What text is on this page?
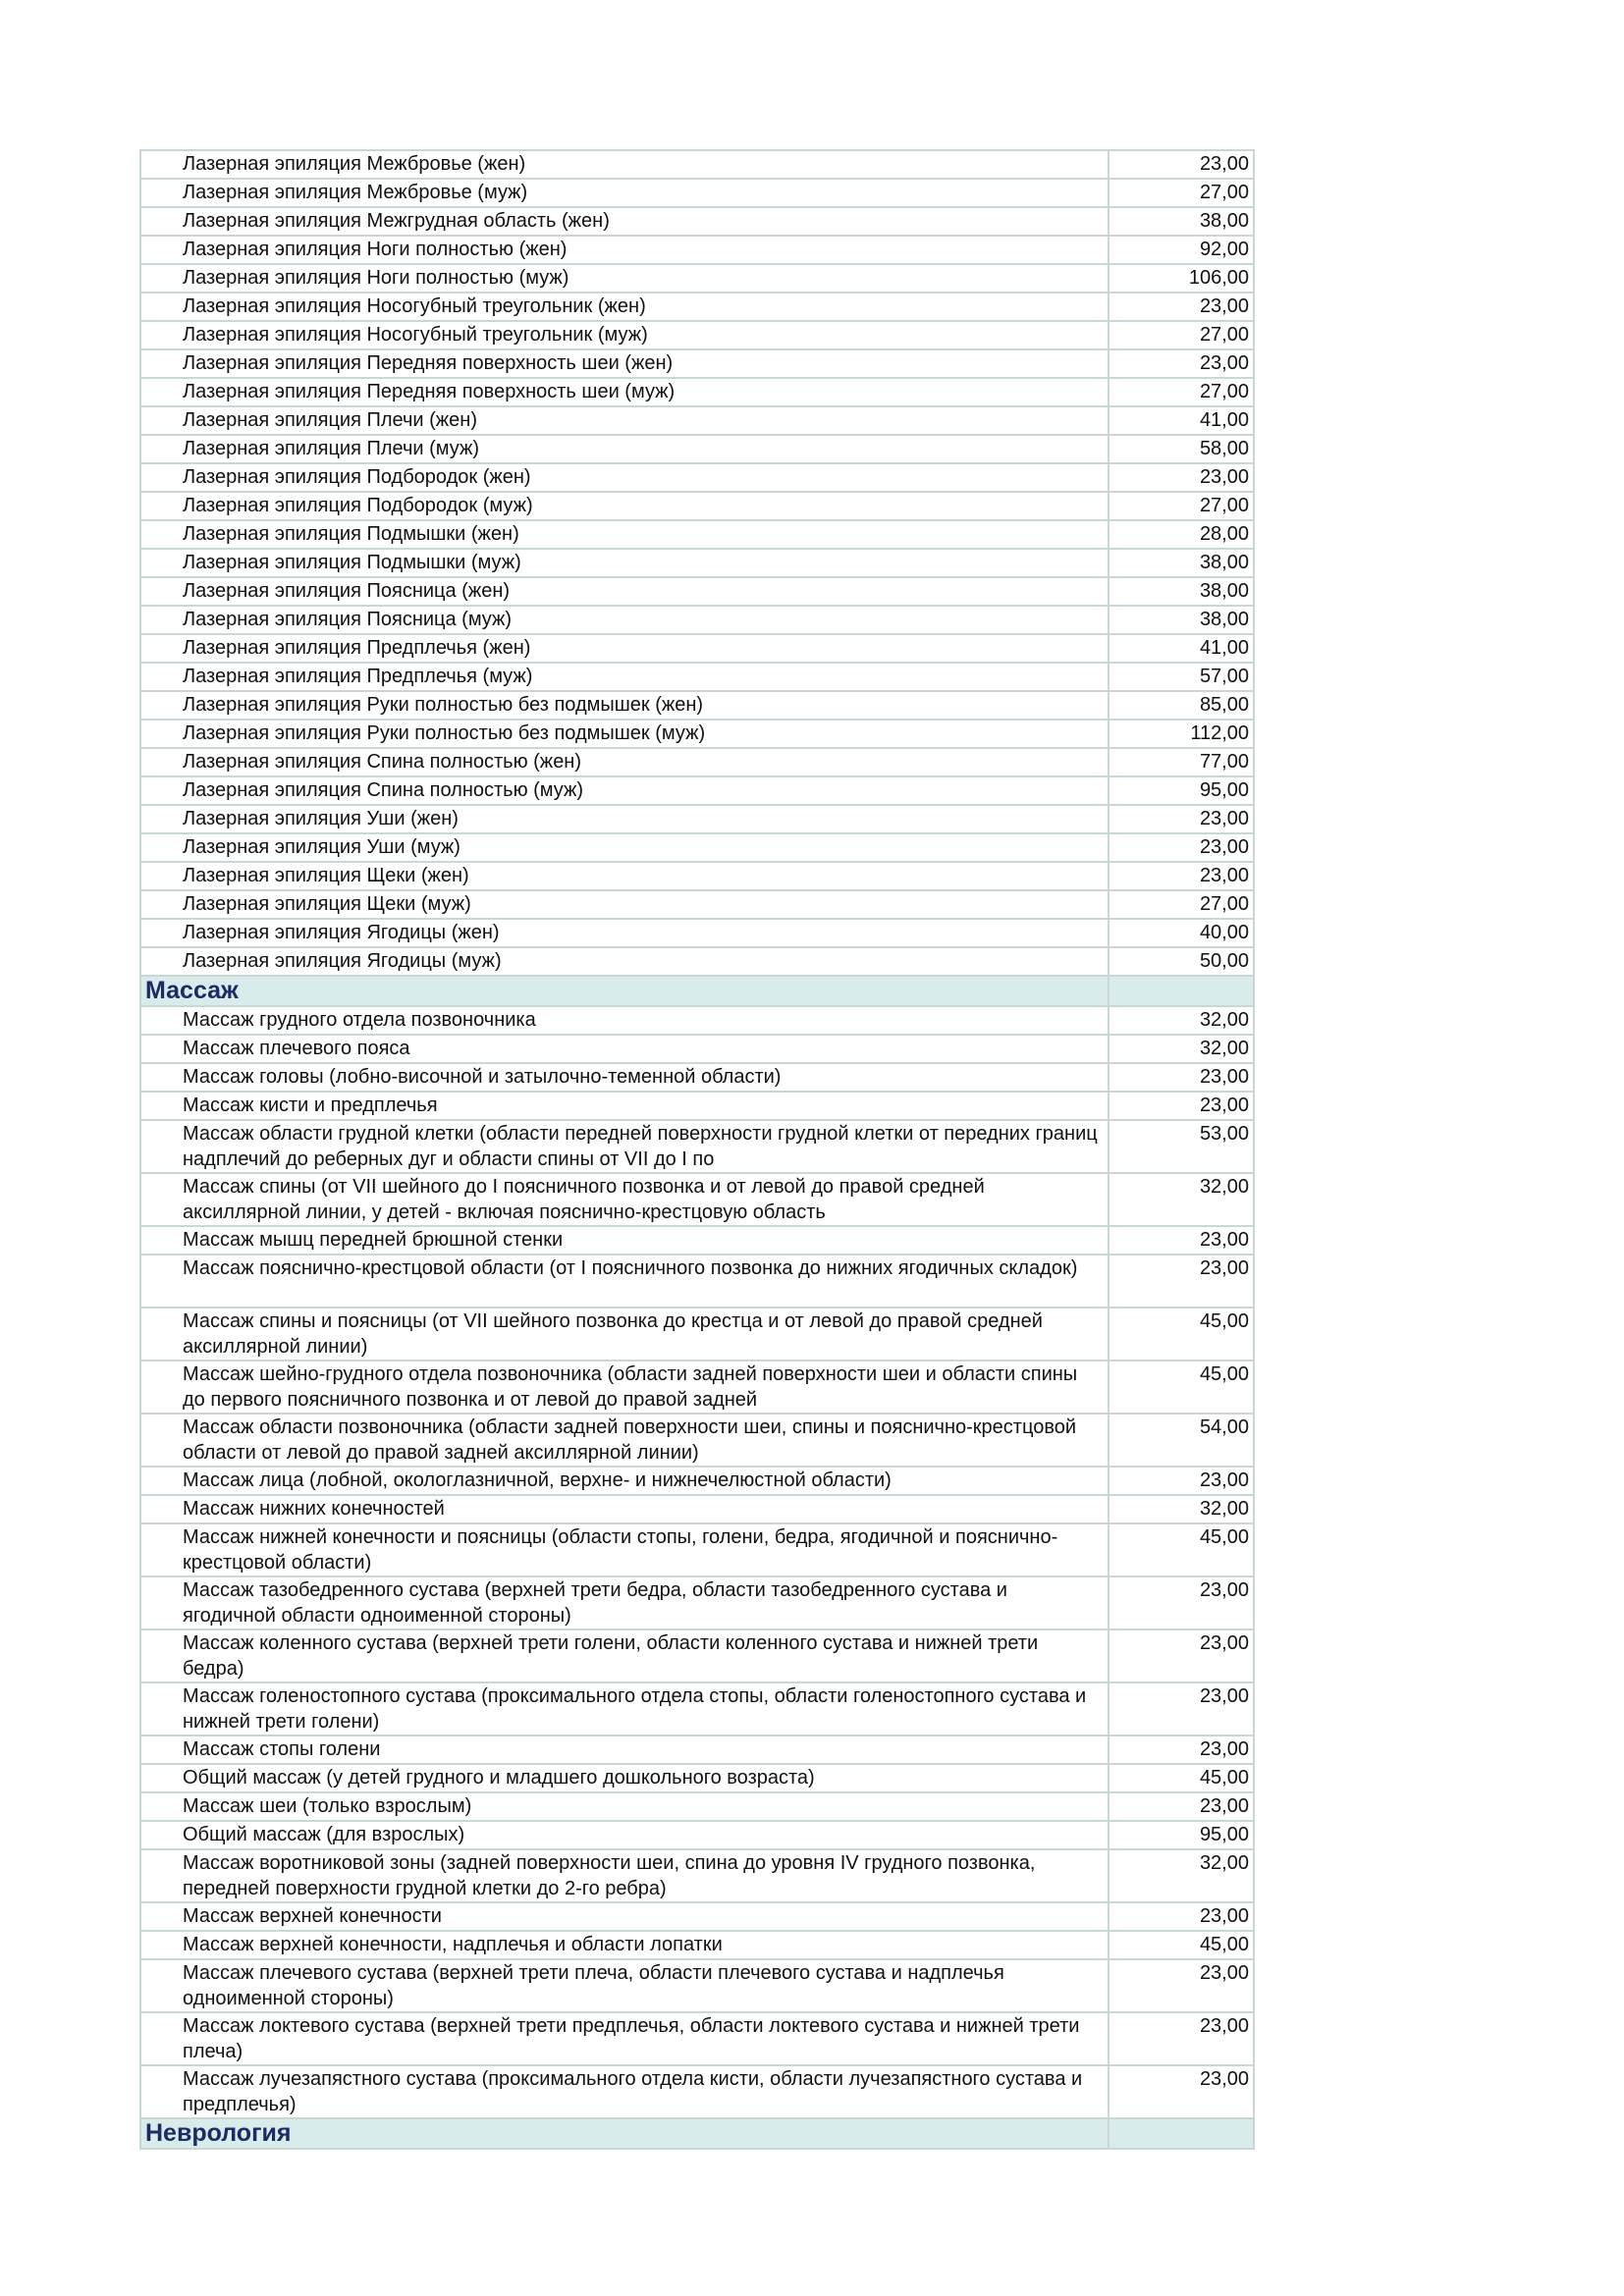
Лазерная эпиляция Межбровье (жен)	23,00
Лазерная эпиляция Межбровье (муж)	27,00
Лазерная эпиляция Межгрудная область (жен)	38,00
Лазерная эпиляция Ноги полностью (жен)	92,00
Лазерная эпиляция Ноги полностью (муж)	106,00
Лазерная эпиляция Носогубный треугольник (жен)	23,00
Лазерная эпиляция Носогубный треугольник (муж)	27,00
Лазерная эпиляция Передняя поверхность шеи (жен)	23,00
Лазерная эпиляция Передняя поверхность шеи (муж)	27,00
Лазерная эпиляция Плечи (жен)	41,00
Лазерная эпиляция Плечи (муж)	58,00
Лазерная эпиляция Подбородок (жен)	23,00
Лазерная эпиляция Подбородок (муж)	27,00
Лазерная эпиляция Подмышки (жен)	28,00
Лазерная эпиляция Подмышки (муж)	38,00
Лазерная эпиляция Поясница (жен)	38,00
Лазерная эпиляция Поясница (муж)	38,00
Лазерная эпиляция Предплечья (жен)	41,00
Лазерная эпиляция Предплечья (муж)	57,00
Лазерная эпиляция Руки полностью без подмышек (жен)	85,00
Лазерная эпиляция Руки полностью без подмышек (муж)	112,00
Лазерная эпиляция Спина полностью (жен)	77,00
Лазерная эпиляция Спина полностью (муж)	95,00
Лазерная эпиляция Уши (жен)	23,00
Лазерная эпиляция Уши (муж)	23,00
Лазерная эпиляция Щеки (жен)	23,00
Лазерная эпиляция Щеки (муж)	27,00
Лазерная эпиляция Ягодицы (жен)	40,00
Лазерная эпиляция Ягодицы (муж)	50,00
Массаж	
Массаж грудного отдела позвоночника	32,00
Массаж плечевого пояса	32,00
Массаж головы (лобно-височной и затылочно-теменной области)	23,00
Массаж кисти и предплечья	23,00

Массаж области грудной клетки (области передней поверхности грудной клетки от передних границ надплечий до реберных дуг и области спины от VII до I по	53,00

Массаж спины (от VII шейного до I поясничного позвонка и от левой до правой средней аксиллярной линии, у детей - включая пояснично-крестцовую область	32,00
Массаж мышц передней брюшной стенки	23,00

Массаж пояснично-крестцовой области (от I поясничного позвонка до нижних ягодичных складок)	23,00

Массаж спины и поясницы (от VII шейного позвонка до крестца и от левой до правой средней аксиллярной линии)	45,00

Массаж шейно-грудного отдела позвоночника (области задней поверхности шеи и области спины до первого поясничного позвонка и от левой до правой задней	45,00

Массаж области позвоночника (области задней поверхности шеи, спины и пояснично-крестцовой области от левой до правой задней аксиллярной линии)	54,00
Массаж лица (лобной, окологлазничной, верхне- и нижнечелюстной области)	23,00
Массаж нижних конечностей	32,00

Массаж нижней конечности и поясницы (области стопы, голени, бедра, ягодичной и пояснично-крестцовой области)	45,00

Массаж тазобедренного сустава (верхней трети бедра, области тазобедренного сустава и ягодичной области одноименной стороны)	23,00

Массаж коленного сустава (верхней трети голени, области коленного сустава и нижней трети бедра)	23,00

Массаж голеностопного сустава (проксимального отдела стопы, области голеностопного сустава и нижней трети голени)	23,00
Массаж стопы голени	23,00
Общий массаж (у детей грудного и младшего дошкольного возраста)	45,00
Массаж шеи (только взрослым)	23,00
Общий массаж (для взрослых)	95,00

Массаж воротниковой зоны (задней поверхности шеи, спина до уровня IV грудного позвонка, передней поверхности грудной клетки до 2-го ребра)	32,00
Массаж верхней конечности	23,00
Массаж верхней конечности, надплечья и области лопатки	45,00

Массаж плечевого сустава (верхней трети плеча, области плечевого сустава и надплечья одноименной стороны)	23,00

Массаж локтевого сустава (верхней трети предплечья, области локтевого сустава и нижней трети плеча)	23,00

Массаж лучезапястного сустава (проксимального отдела кисти, области лучезапястного сустава и предплечья)	23,00
Неврология	
